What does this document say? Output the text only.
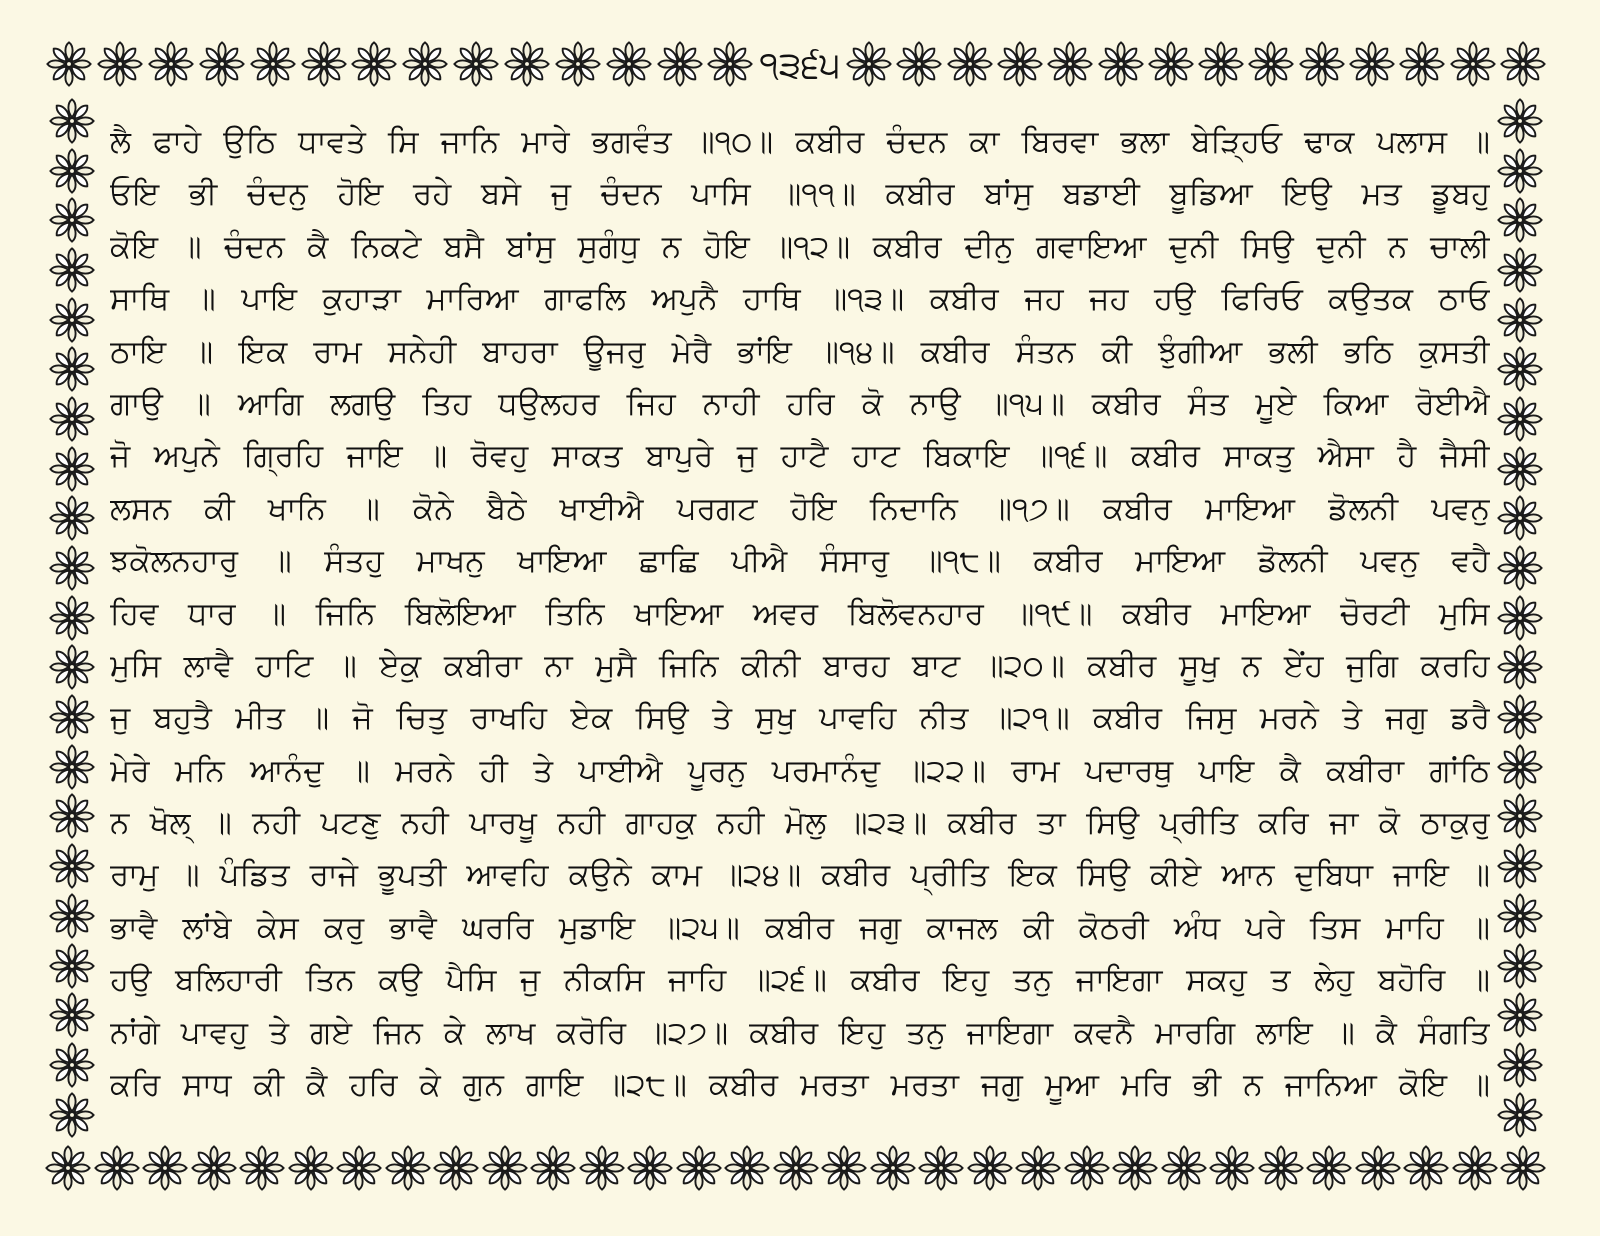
੧੩੬੫
ਲੈ ਫਾਹੇ ਉਠਿ ਧਾਵਤੇ ਸਿ ਜਾਨਿ ਮਾਰੇ ਭਗਵੰਤ ॥੧੦॥ ਕਬੀਰ ਚੰਦਨ ਕਾ ਬਿਰਵਾ ਭਲਾ ਬੇੜ੍ਹਿਓ ਢਾਕ ਪਲਾਸ ॥
ਓਇ ਭੀ ਚੰਦਨੁ ਹੋਇ ਰਹੇ ਬਸੇ ਜੁ ਚੰਦਨ ਪਾਸਿ ॥੧੧॥ ਕਬੀਰ ਬਾਂਸੁ ਬਡਾਈ ਬੂਡਿਆ ਇਉ ਮਤ ਡੂਬਹੁ
ਕੋਇ ॥ ਚੰਦਨ ਕੈ ਨਿਕਟੇ ਬਸੈ ਬਾਂਸੁ ਸੁਗੰਧੁ ਨ ਹੋਇ ॥੧੨॥ ਕਬੀਰ ਦੀਨੁ ਗਵਾਇਆ ਦੁਨੀ ਸਿਉ ਦੁਨੀ ਨ ਚਾਲੀ
ਸਾਥਿ ॥ ਪਾਇ ਕੁਹਾੜਾ ਮਾਰਿਆ ਗਾਫਲਿ ਅਪੁਨੈ ਹਾਥਿ ॥੧੩॥ ਕਬੀਰ ਜਹ ਜਹ ਹਉ ਫਿਰਿਓ ਕਉਤਕ ਠਾਓ
ਠਾਇ ॥ ਇਕ ਰਾਮ ਸਨੇਹੀ ਬਾਹਰਾ ਊਜਰੁ ਮੇਰੈ ਭਾਂਇ ॥੧੪॥ ਕਬੀਰ ਸੰਤਨ ਕੀ ਝੁੰਗੀਆ ਭਲੀ ਭਠਿ ਕੁਸਤੀ
ਗਾਉ ॥ ਆਗਿ ਲਗਉ ਤਿਹ ਧਉਲਹਰ ਜਿਹ ਨਾਹੀ ਹਰਿ ਕੋ ਨਾਉ ॥੧੫॥ ਕਬੀਰ ਸੰਤ ਮੂਏ ਕਿਆ ਰੋਈਐ
ਜੋ ਅਪੁਨੇ ਗ੍ਰਿਹਿ ਜਾਇ ॥ ਰੋਵਹੁ ਸਾਕਤ ਬਾਪੁਰੇ ਜੁ ਹਾਟੈ ਹਾਟ ਬਿਕਾਇ ॥੧੬॥ ਕਬੀਰ ਸਾਕਤੁ ਐਸਾ ਹੈ ਜੈਸੀ
ਲਸਨ ਕੀ ਖਾਨਿ ॥ ਕੋਨੇ ਬੈਠੇ ਖਾਈਐ ਪਰਗਟ ਹੋਇ ਨਿਦਾਨਿ ॥੧੭॥ ਕਬੀਰ ਮਾਇਆ ਡੋਲਨੀ ਪਵਨੁ
ਝਕੋਲਨਹਾਰੁ ॥ ਸੰਤਹੁ ਮਾਖਨੁ ਖਾਇਆ ਛਾਛਿ ਪੀਐ ਸੰਸਾਰੁ ॥੧੮॥ ਕਬੀਰ ਮਾਇਆ ਡੋਲਨੀ ਪਵਨੁ ਵਹੈ
ਹਿਵ ਧਾਰ ॥ ਜਿਨਿ ਬਿਲੋਇਆ ਤਿਨਿ ਖਾਇਆ ਅਵਰ ਬਿਲੋਵਨਹਾਰ ॥੧੯॥ ਕਬੀਰ ਮਾਇਆ ਚੋਰਟੀ ਮੁਸਿ
ਮੁਸਿ ਲਾਵੈ ਹਾਟਿ ॥ ਏਕੁ ਕਬੀਰਾ ਨਾ ਮੁਸੈ ਜਿਨਿ ਕੀਨੀ ਬਾਰਹ ਬਾਟ ॥੨੦॥ ਕਬੀਰ ਸੂਖੁ ਨ ਏਂਹ ਜੁਗਿ ਕਰਹਿ
ਜੁ ਬਹੁਤੈ ਮੀਤ ॥ ਜੋ ਚਿਤੁ ਰਾਖਹਿ ਏਕ ਸਿਉ ਤੇ ਸੁਖੁ ਪਾਵਹਿ ਨੀਤ ॥੨੧॥ ਕਬੀਰ ਜਿਸੁ ਮਰਨੇ ਤੇ ਜਗੁ ਡਰੈ
ਮੇਰੇ ਮਨਿ ਆਨੰਦੁ ॥ ਮਰਨੇ ਹੀ ਤੇ ਪਾਈਐ ਪੂਰਨੁ ਪਰਮਾਨੰਦੁ ॥੨੨॥ ਰਾਮ ਪਦਾਰਥੁ ਪਾਇ ਕੈ ਕਬੀਰਾ ਗਾਂਠਿ
ਨ ਖੋਲ੍ ॥ ਨਹੀ ਪਟਣੁ ਨਹੀ ਪਾਰਖੂ ਨਹੀ ਗਾਹਕੁ ਨਹੀ ਮੋਲੁ ॥੨੩॥ ਕਬੀਰ ਤਾ ਸਿਉ ਪ੍ਰੀਤਿ ਕਰਿ ਜਾ ਕੋ ਠਾਕੁਰੁ
ਰਾਮੁ ॥ ਪੰਡਿਤ ਰਾਜੇ ਭੂਪਤੀ ਆਵਹਿ ਕਉਨੇ ਕਾਮ ॥੨੪॥ ਕਬੀਰ ਪ੍ਰੀਤਿ ਇਕ ਸਿਉ ਕੀਏ ਆਨ ਦੁਬਿਧਾ ਜਾਇ ॥
ਭਾਵੈ ਲਾਂਬੇ ਕੇਸ ਕਰੁ ਭਾਵੈ ਘਰਰਿ ਮੁਡਾਇ ॥੨੫॥ ਕਬੀਰ ਜਗੁ ਕਾਜਲ ਕੀ ਕੋਠਰੀ ਅੰਧ ਪਰੇ ਤਿਸ ਮਾਹਿ ॥
ਹਉ ਬਲਿਹਾਰੀ ਤਿਨ ਕਉ ਪੈਸਿ ਜੁ ਨੀਕਸਿ ਜਾਹਿ ॥੨੬॥ ਕਬੀਰ ਇਹੁ ਤਨੁ ਜਾਇਗਾ ਸਕਹੁ ਤ ਲੇਹੁ ਬਹੋਰਿ ॥
ਨਾਂਗੇ ਪਾਵਹੁ ਤੇ ਗਏ ਜਿਨ ਕੇ ਲਾਖ ਕਰੋਰਿ ॥੨੭॥ ਕਬੀਰ ਇਹੁ ਤਨੁ ਜਾਇਗਾ ਕਵਨੈ ਮਾਰਗਿ ਲਾਇ ॥ ਕੈ ਸੰਗਤਿ
ਕਰਿ ਸਾਧ ਕੀ ਕੈ ਹਰਿ ਕੇ ਗੁਨ ਗਾਇ ॥੨੮॥ ਕਬੀਰ ਮਰਤਾ ਮਰਤਾ ਜਗੁ ਮੂਆ ਮਰਿ ਭੀ ਨ ਜਾਨਿਆ ਕੋਇ ॥
